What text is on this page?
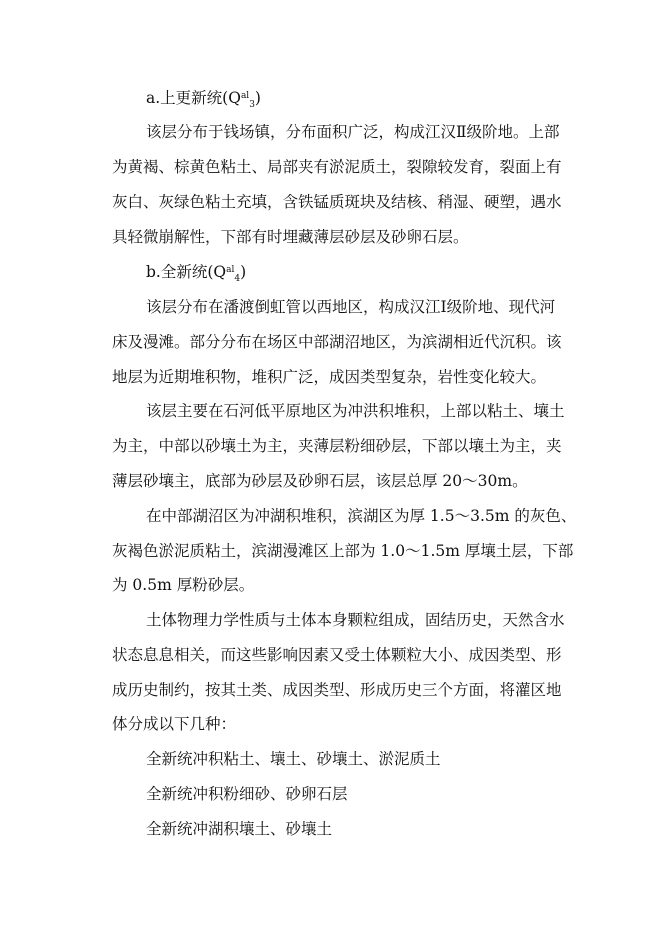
a.上更新统$(Q^{al}_3)$
该层分布于钱场镇，分布面积广泛，构成江汉Ⅱ级阶地。上部
为黄褐、棕黄色粘土、局部夹有淤泥质土，裂隙较发育，裂面上有
灰白、灰绿色粘土充填，含铁锰质斑块及结核、稍湿、硬塑，遇水
具轻微崩解性，下部有时埋藏薄层砂层及砂卵石层。
b.全新统$(Q^{al}_4)$
该层分布在潘渡倒虹管以西地区，构成汉江Ⅰ级阶地、现代河
床及漫滩。部分分布在场区中部湖沼地区，为滨湖相近代沉积。该
地层为近期堆积物，堆积广泛，成因类型复杂，岩性变化较大。
该层主要在石河低平原地区为冲洪积堆积，上部以粘土、壤土
为主，中部以砂壤土为主，夹薄层粉细砂层，下部以壤土为主，夹
薄层砂壤主，底部为砂层及砂卵石层，该层总厚 20～30m。
在中部湖沼区为冲湖积堆积，滨湖区为厚 1.5～3.5m 的灰色、
灰褐色淤泥质粘土，滨湖漫滩区上部为 1.0～1.5m 厚壤土层，下部
为 0.5m 厚粉砂层。
土体物理力学性质与土体本身颗粒组成，固结历史，天然含水
状态息息相关，而这些影响因素又受土体颗粒大小、成因类型、形
成历史制约，按其土类、成因类型、形成历史三个方面，将灌区地
体分成以下几种：
全新统冲积粘土、壤土、砂壤土、淤泥质土
全新统冲积粉细砂、砂卵石层
全新统冲湖积壤土、砂壤土
